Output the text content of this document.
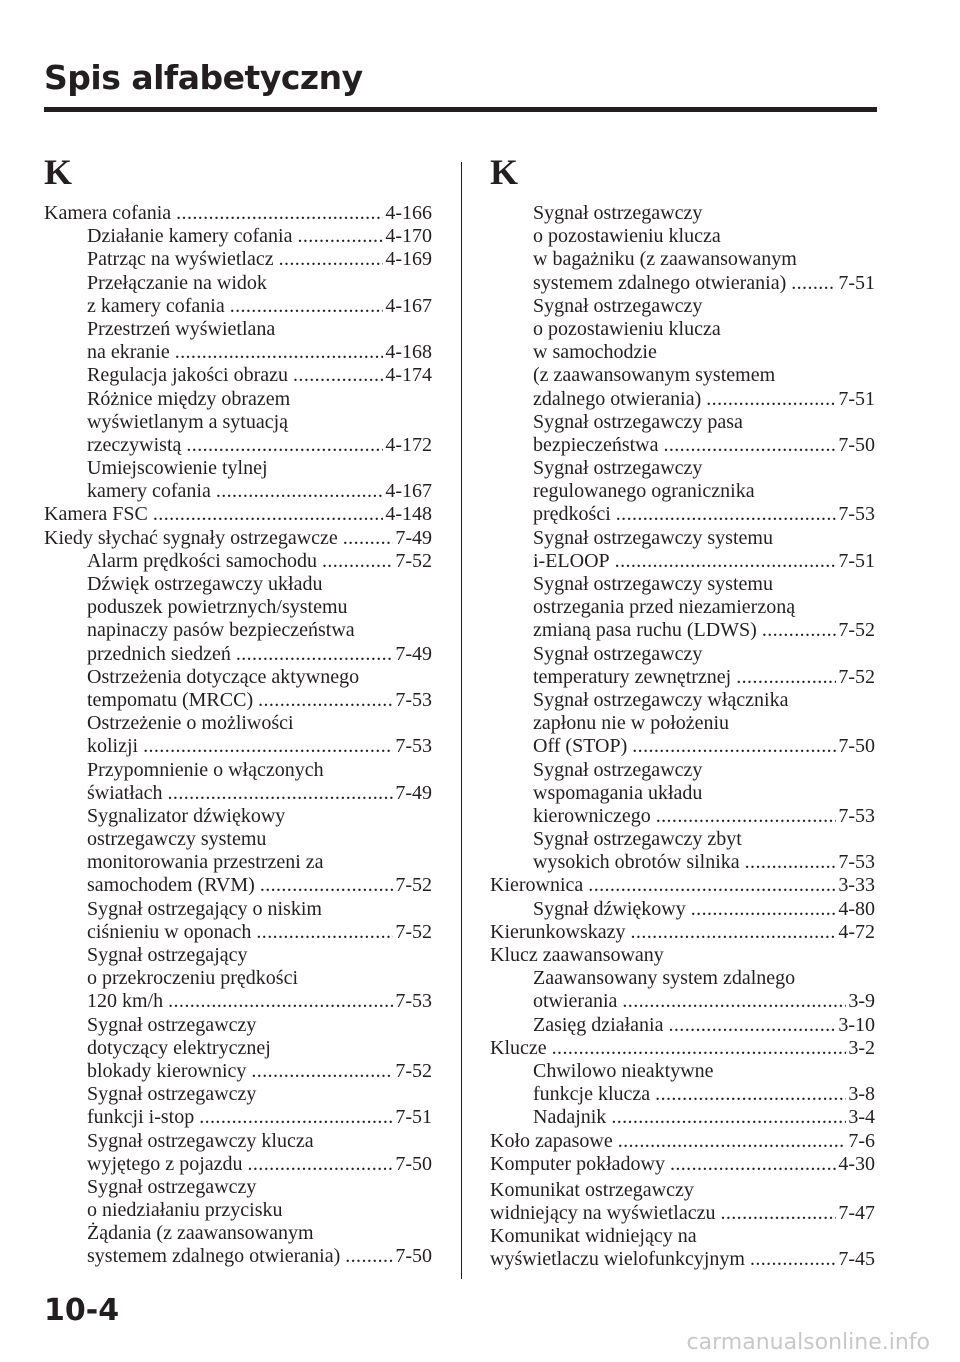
Spis alfabetyczny
K
Kamera cofania .....	4-166
Działanie kamery cofania .....	4-170
Patrząc na wyświetlacz .....	4-169
Przełączanie na widok
z kamery cofania .....	4-167
Przestrzeń wyświetlana
na ekranie .....	4-168
Regulacja jakości obrazu .....	4-174
Różnice między obrazem
wyświetlanym a sytuacją
rzeczywistą .....	4-172
Umiejscowienie tylnej
kamery cofania .....	4-167
Kamera FSC .....	4-148
Kiedy słychać sygnały ostrzegawcze .....	7-49
Alarm prędkości samochodu .....	7-52
Dźwięk ostrzegawczy układu
poduszek powietrznych/systemu
napinaczy pasów bezpieczeństwa
przednich siedzeń .....	7-49
Ostrzeżenia dotyczące aktywnego
tempomatu (MRCC) .....	7-53
Ostrzeżenie o możliwości
kolizji .....	7-53
Przypomnienie o włączonych
światłach .....	7-49
Sygnalizator dźwiękowy
ostrzegawczy systemu
monitorowania przestrzeni za
samochodem (RVM) .....	7-52
Sygnał ostrzegający o niskim
ciśnieniu w oponach .....	7-52
Sygnał ostrzegający
o przekroczeniu prędkości
120 km/h .....	7-53
Sygnał ostrzegawczy
dotyczący elektrycznej
blokady kierownicy .....	7-52
Sygnał ostrzegawczy
funkcji i-stop .....	7-51
Sygnał ostrzegawczy klucza
wyjętego z pojazdu .....	7-50
Sygnał ostrzegawczy
o niedziałaniu przycisku
Żądania (z zaawansowanym
systemem zdalnego otwierania) .....	7-50
K
Sygnał ostrzegawczy
o pozostawieniu klucza
w bagażniku (z zaawansowanym
systemem zdalnego otwierania) .....	7-51
Sygnał ostrzegawczy
o pozostawieniu klucza
w samochodzie
(z zaawansowanym systemem
zdalnego otwierania) .....	7-51
Sygnał ostrzegawczy pasa
bezpieczeństwa .....	7-50
Sygnał ostrzegawczy
regulowanego ogranicznika
prędkości .....	7-53
Sygnał ostrzegawczy systemu
i-ELOOP .....	7-51
Sygnał ostrzegawczy systemu
ostrzegania przed niezamierzoną
zmianą pasa ruchu (LDWS) .....	7-52
Sygnał ostrzegawczy
temperatury zewnętrznej .....	7-52
Sygnał ostrzegawczy włącznika
zapłonu nie w położeniu
Off (STOP) .....	7-50
Sygnał ostrzegawczy
wspomagania układu
kierowniczego .....	7-53
Sygnał ostrzegawczy zbyt
wysokich obrotów silnika .....	7-53
Kierownica .....	3-33
Sygnał dźwiękowy .....	4-80
Kierunkowskazy .....	4-72
Klucz zaawansowany
Zaawansowany system zdalnego
otwierania .....	3-9
Zasięg działania .....	3-10
Klucze .....	3-2
Chwilowo nieaktywne
funkcje klucza .....	3-8
Nadajnik .....	3-4
Koło zapasowe .....	7-6
Komputer pokładowy .....	4-30
Komunikat ostrzegawczy
widniejący na wyświetlaczu .....	7-47
Komunikat widniejący na
wyświetlaczu wielofunkcyjnym .....	7-45
10-4
carmanualsonline.info
